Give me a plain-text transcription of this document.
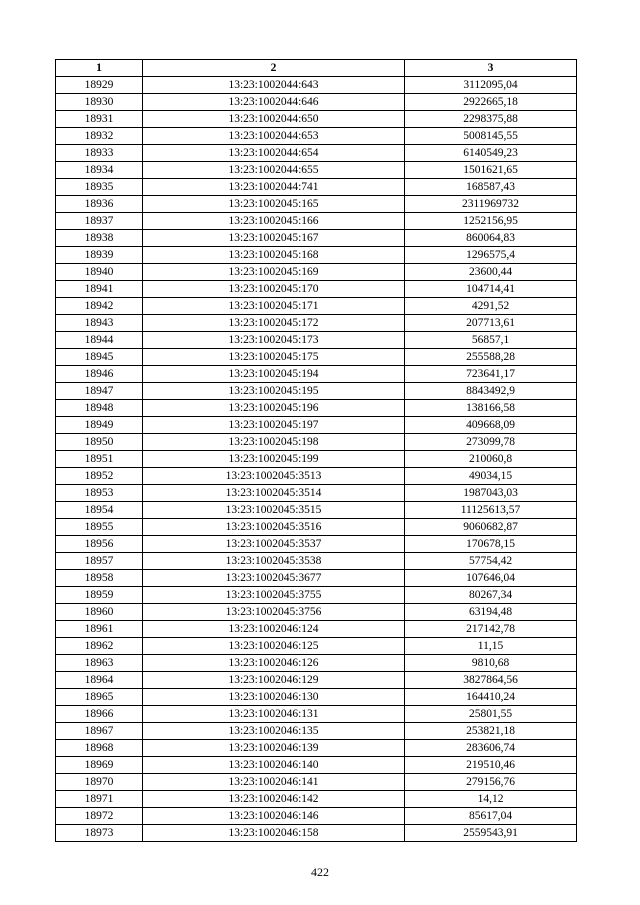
1	2	3
18929	13:23:1002044:643	3112095,04
18930	13:23:1002044:646	2922665,18
18931	13:23:1002044:650	2298375,88
18932	13:23:1002044:653	5008145,55
18933	13:23:1002044:654	6140549,23
18934	13:23:1002044:655	1501621,65
18935	13:23:1002044:741	168587,43
18936	13:23:1002045:165	2311969732
18937	13:23:1002045:166	1252156,95
18938	13:23:1002045:167	860064,83
18939	13:23:1002045:168	1296575,4
18940	13:23:1002045:169	23600,44
18941	13:23:1002045:170	104714,41
18942	13:23:1002045:171	4291,52
18943	13:23:1002045:172	207713,61
18944	13:23:1002045:173	56857,1
18945	13:23:1002045:175	255588,28
18946	13:23:1002045:194	723641,17
18947	13:23:1002045:195	8843492,9
18948	13:23:1002045:196	138166,58
18949	13:23:1002045:197	409668,09
18950	13:23:1002045:198	273099,78
18951	13:23:1002045:199	210060,8
18952	13:23:1002045:3513	49034,15
18953	13:23:1002045:3514	1987043,03
18954	13:23:1002045:3515	11125613,57
18955	13:23:1002045:3516	9060682,87
18956	13:23:1002045:3537	170678,15
18957	13:23:1002045:3538	57754,42
18958	13:23:1002045:3677	107646,04
18959	13:23:1002045:3755	80267,34
18960	13:23:1002045:3756	63194,48
18961	13:23:1002046:124	217142,78
18962	13:23:1002046:125	11,15
18963	13:23:1002046:126	9810,68
18964	13:23:1002046:129	3827864,56
18965	13:23:1002046:130	164410,24
18966	13:23:1002046:131	25801,55
18967	13:23:1002046:135	253821,18
18968	13:23:1002046:139	283606,74
18969	13:23:1002046:140	219510,46
18970	13:23:1002046:141	279156,76
18971	13:23:1002046:142	14,12
18972	13:23:1002046:146	85617,04
18973	13:23:1002046:158	2559543,91
422
